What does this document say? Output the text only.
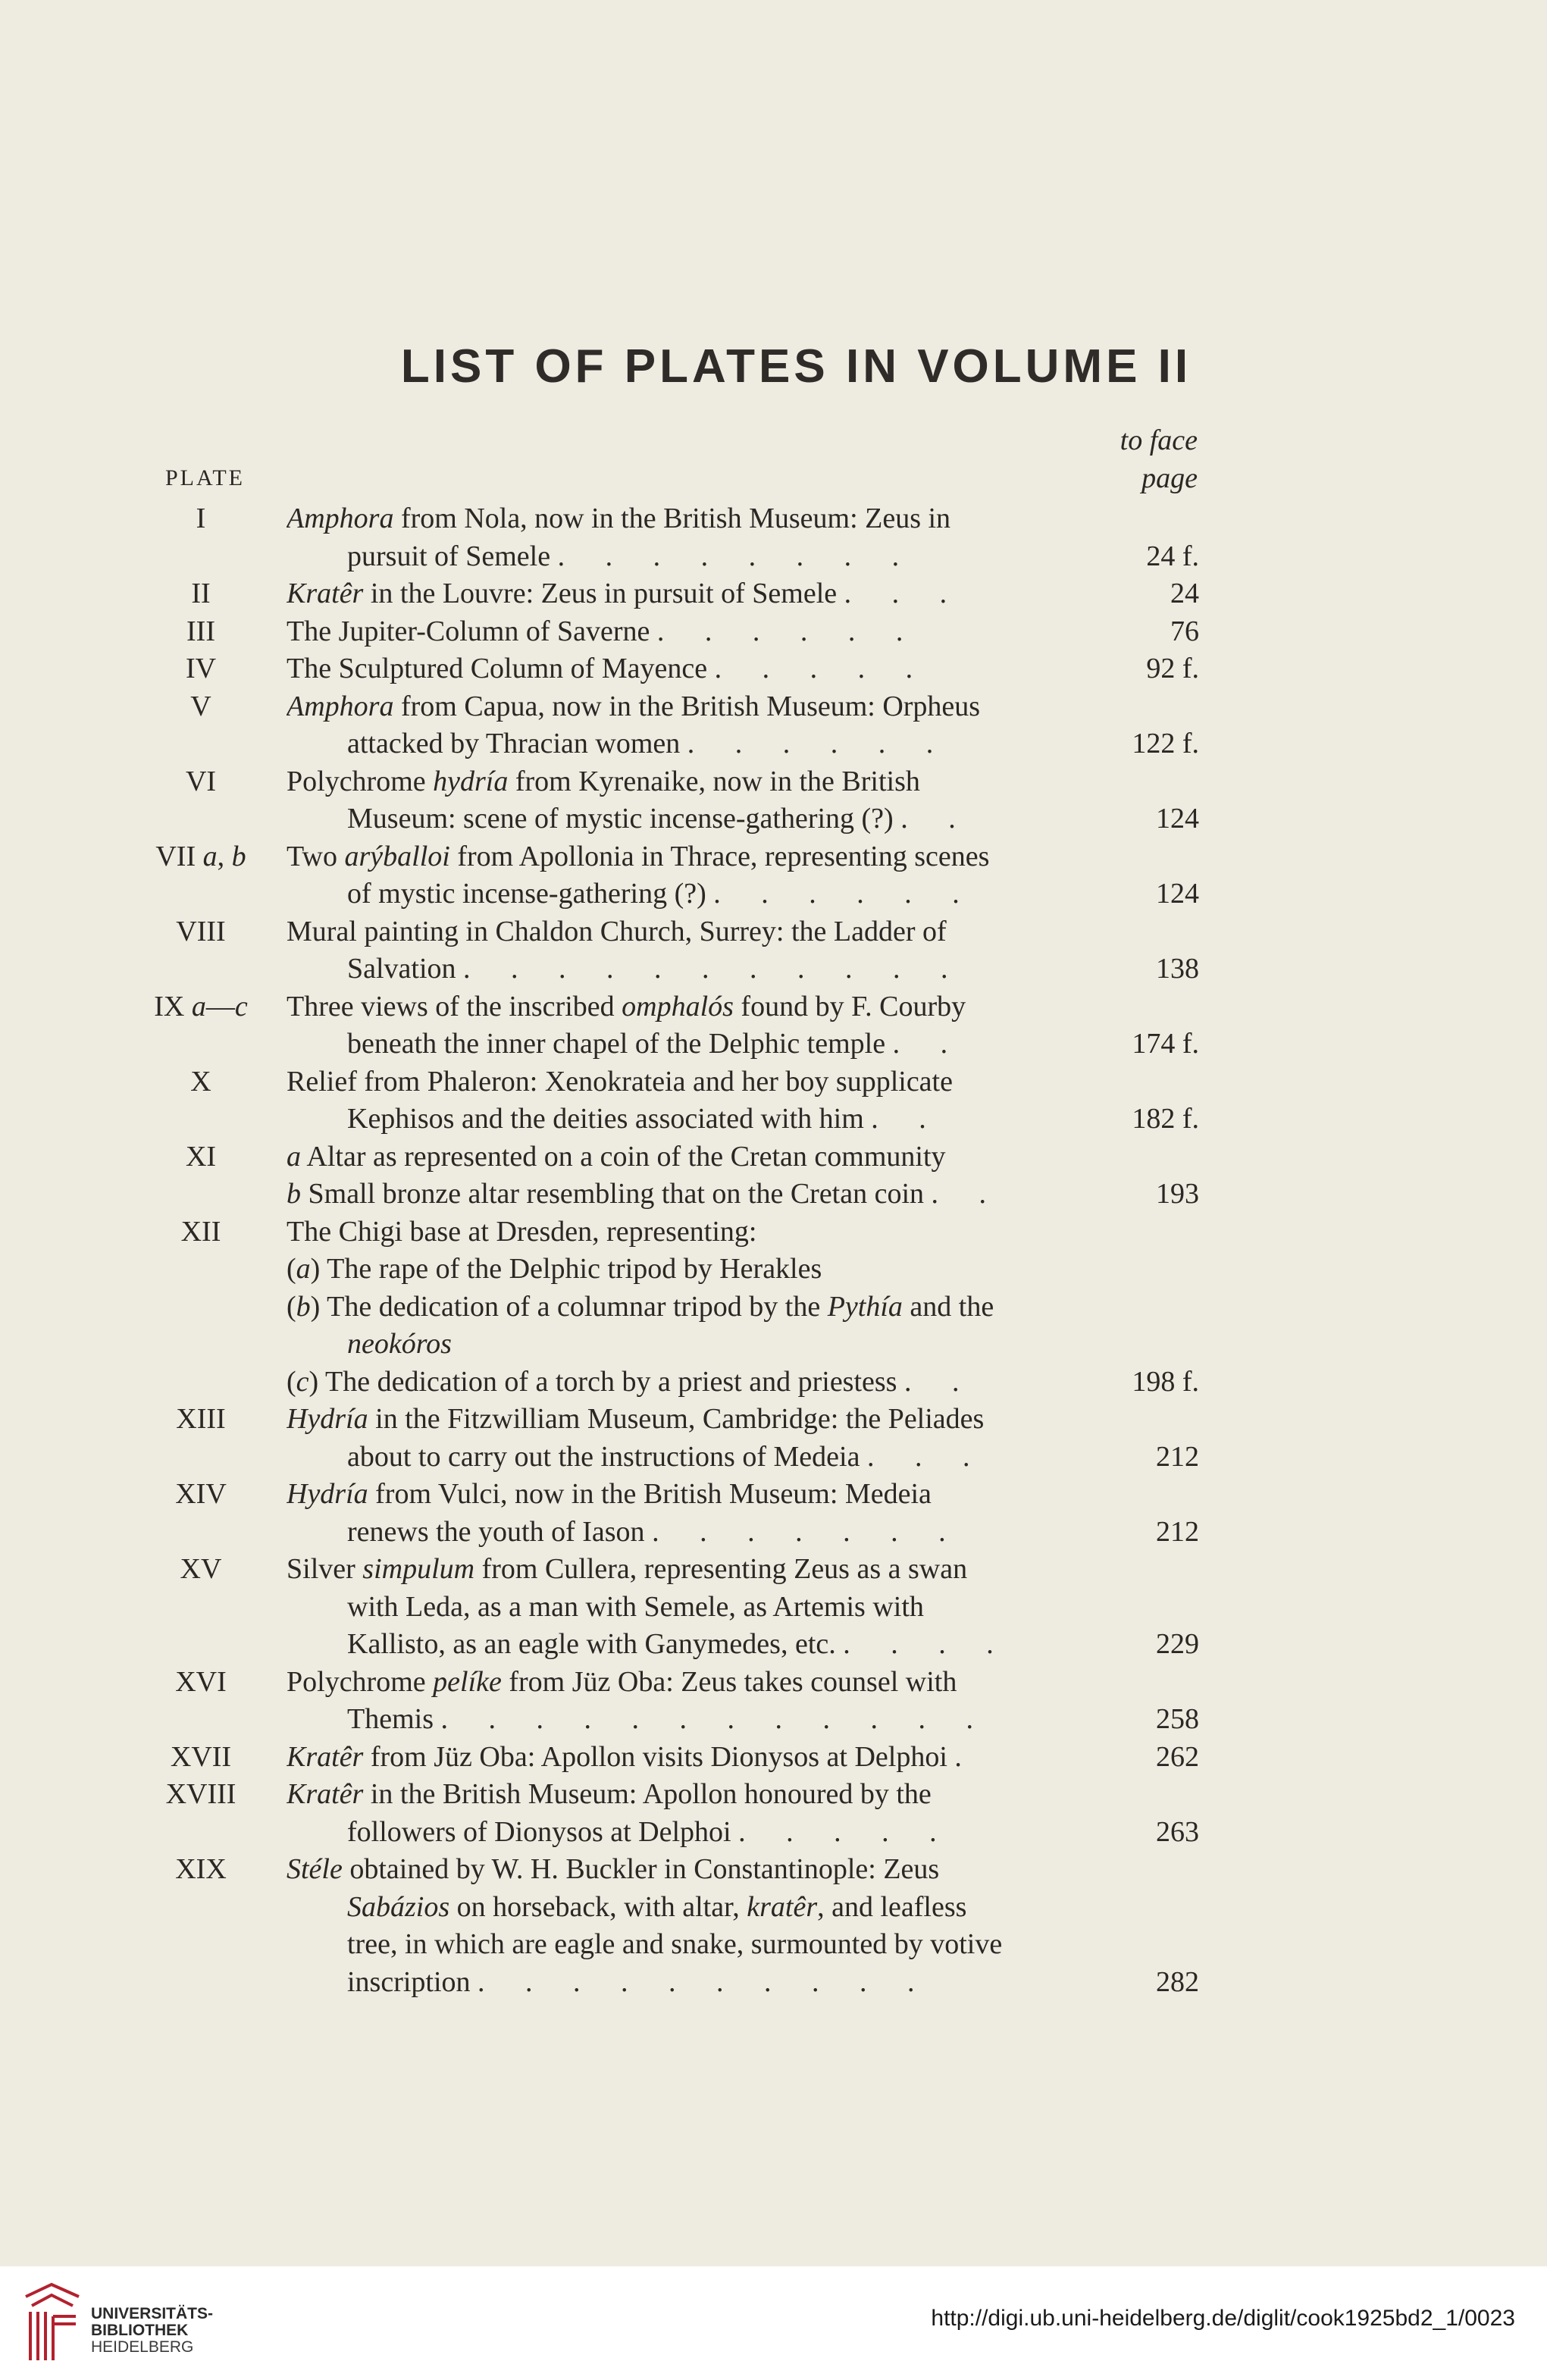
LIST OF PLATES IN VOLUME II
to face
page
PLATE
I	Amphora from Nola, now in the British Museum: Zeus in
pursuit of Semele . . . . . . . .	24 f.
II	Kratêr in the Louvre: Zeus in pursuit of Semele . . .	24
III	The Jupiter-Column of Saverne . . . . . .	76
IV	The Sculptured Column of Mayence . . . . .	92 f.
V	Amphora from Capua, now in the British Museum: Orpheus
attacked by Thracian women . . . . . .	122 f.
VI	Polychrome hydría from Kyrenaike, now in the British
Museum: scene of mystic incense-gathering (?) . .	124
VII a, b	Two arýballoi from Apollonia in Thrace, representing scenes
of mystic incense-gathering (?) . . . . . .	124
VIII	Mural painting in Chaldon Church, Surrey: the Ladder of
Salvation . . . . . . . . . . .	138
IX a—c	Three views of the inscribed omphalós found by F. Courby
beneath the inner chapel of the Delphic temple . .	174 f.
X	Relief from Phaleron: Xenokrateia and her boy supplicate
Kephisos and the deities associated with him . .	182 f.
XI	a Altar as represented on a coin of the Cretan community
b Small bronze altar resembling that on the Cretan coin . .	193
XII	The Chigi base at Dresden, representing:
(a) The rape of the Delphic tripod by Herakles
(b) The dedication of a columnar tripod by the Pythía and the
neokóros
(c) The dedication of a torch by a priest and priestess . .	198 f.
XIII	Hydría in the Fitzwilliam Museum, Cambridge: the Peliades
about to carry out the instructions of Medeia . . .	212
XIV	Hydría from Vulci, now in the British Museum: Medeia
renews the youth of Iason . . . . . . .	212
XV	Silver simpulum from Cullera, representing Zeus as a swan
with Leda, as a man with Semele, as Artemis with
Kallisto, as an eagle with Ganymedes, etc. . . . .	229
XVI	Polychrome pelíke from Jüz Oba: Zeus takes counsel with
Themis . . . . . . . . . . . .	258
XVII	Kratêr from Jüz Oba: Apollon visits Dionysos at Delphoi .	262
XVIII	Kratêr in the British Museum: Apollon honoured by the
followers of Dionysos at Delphoi . . . . .	263
XIX	Stéle obtained by W. H. Buckler in Constantinople: Zeus
Sabázios on horseback, with altar, kratêr, and leafless
tree, in which are eagle and snake, surmounted by votive
inscription . . . . . . . . . .	282
UNIVERSITÄTS-
BIBLIOTHEK
HEIDELBERG
http://digi.ub.uni-heidelberg.de/diglit/cook1925bd2_1/0023
